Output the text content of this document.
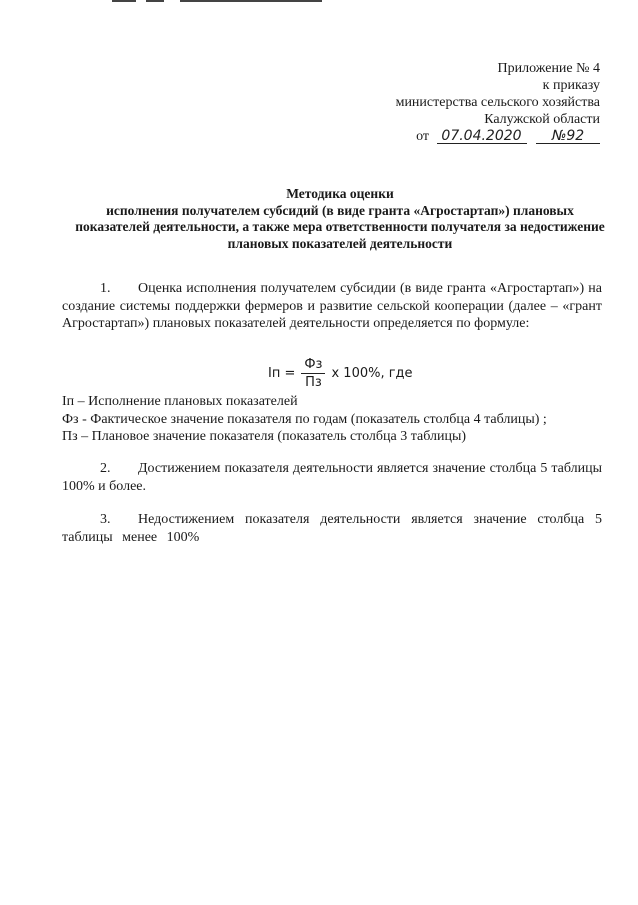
Приложение № 4
к приказу
министерства сельского хозяйства
Калужской области
от 07.04.2020 №92
Методика оценки
исполнения получателем субсидий (в виде гранта «Агростартап») плановых
показателей деятельности, а также мера ответственности получателя за недостижение
плановых показателей деятельности
1. Оценка исполнения получателем субсидии (в виде гранта «Агростартап») на создание системы поддержки фермеров и развитие сельской кооперации (далее – «грант Агростартап») плановых показателей деятельности определяется по формуле:
Iп = $\frac{Фз}{Пз}$ x 100%, где
Iп – Исполнение плановых показателей
Фз - Фактическое значение показателя по годам (показатель столбца 4 таблицы) ;
Пз – Плановое значение показателя (показатель столбца 3 таблицы)
2. Достижением показателя деятельности является значение столбца 5 таблицы 100% и более.
3. Недостижением показателя деятельности является значение столбца 5 таблицы менее 100%
